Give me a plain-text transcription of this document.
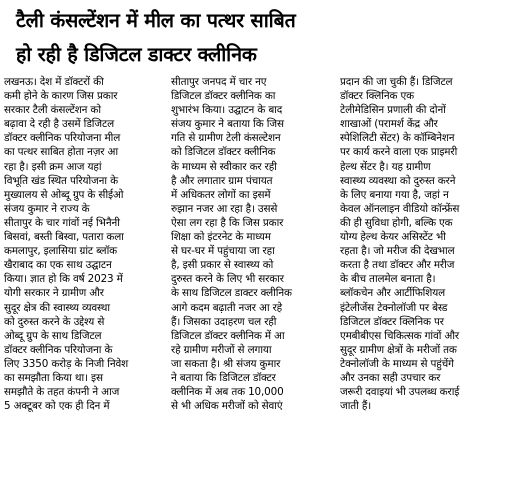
टैली कंसल्टेंशन में मील का पत्थर साबित
हो रही है डिजिटल डाक्टर क्लीनिक
लखनऊ। देश में डॉक्टरों की
कमी होने के कारण जिस प्रकार
सरकार टैली कंसल्टेंशन को
बढ़ावा दे रही है उसमें डिजिटल
डॉक्टर क्लीनिक परियोजना मील
का पत्थर साबित होता नज़र आ
रहा है। इसी क्रम आज यहां
विभूति खंड स्थित परियोजना के
मुख्यालय से ओब्दू ग्रुप के सीईओ
संजय कुमार ने राज्य के
सीतापुर के चार गांवों नई भिनैनी
बिसवां, बस्ती बिस्वा, पतारा कला
कमलापुर, इलासिया ग्रांट ब्लॉक
खैराबाद का एक साथ उद्घाटन
किया। ज्ञात हो कि वर्ष 2023 में
योगी सरकार ने ग्रामीण और
सुदूर क्षेत्र की स्वास्थ्य व्यवस्था
को दुरुस्त करने के उद्देश्य से
ओब्दू ग्रुप के साथ डिजिटल
डॉक्टर क्लीनिक परियोजना के
लिए 3350 करोड़ के निजी निवेश
का समझौता किया था। इस
समझौते के तहत कंपनी ने आज
5 अक्टूबर को एक ही दिन में
सीतापुर जनपद में चार नए
डिजिटल डॉक्टर क्लीनिक का
शुभारंभ किया। उद्घाटन के बाद
संजय कुमार ने बताया कि जिस
गति से ग्रामीण टेली कंसल्टेशन
को डिजिटल डॉक्टर क्लीनिक
के माध्यम से स्वीकार कर रही
है और लगातार ग्राम पंचायत
में अधिकतर लोगों का इसमें
रुझान नजर आ रहा है। उससे
ऐसा लग रहा है कि जिस प्रकार
शिक्षा को इंटरनेट के माध्यम
से घर-घर में पहुंचाया जा रहा
है, इसी प्रकार से स्वास्थ्य को
दुरुस्त करने के लिए भी सरकार
के साथ डिजिटल डाक्टर क्लीनिक
आगे कदम बढ़ाती नजर आ रहे
हैं। जिसका उदाहरण चल रही
डिजिटल डॉक्टर क्लीनिक में आ
रहे ग्रामीण मरीजों से लगाया
जा सकता है। श्री संजय कुमार
ने बताया कि डिजिटल डॉक्टर
क्लीनिक में अब तक 10,000
से भी अधिक मरीजों को सेवाएं
प्रदान की जा चुकी हैं। डिजिटल
डॉक्टर क्लिनिक एक
टेलीमेडिसिन प्रणाली की दोनों
शाखाओं (परामर्श केंद्र और
स्पेशिलिटी सेंटर) के कॉम्बिनेशन
पर कार्य करने वाला एक प्राइमरी
हेल्थ सेंटर है। यह ग्रामीण
स्वास्थ्य व्यवस्था को दुरुस्त करने
के लिए बनाया गया है, जहां न
केवल ऑनलाइन वीडियो कॉन्फ्रेंस
की ही सुविधा होगी, बल्कि एक
योग्य हेल्थ केयर असिस्टेंट भी
रहता है। जो मरीज की देखभाल
करता है तथा डॉक्टर और मरीज
के बीच तालमेल बनाता है।
ब्लॉकचेन और आर्टीफिशियल
इंटेलीजेंस टेक्नोलॉजी पर बेस्ड
डिजिटल डॉक्टर क्लिनिक पर
एमबीबीएस चिकित्सक गांवों और
सुदूर ग्रामीण क्षेत्रों के मरीजों तक
टेक्नोलॉजी के माध्यम से पहुंचेंगे
और उनका सही उपचार कर
जरूरी दवाइयां भी उपलब्ध कराई
जाती हैं।
